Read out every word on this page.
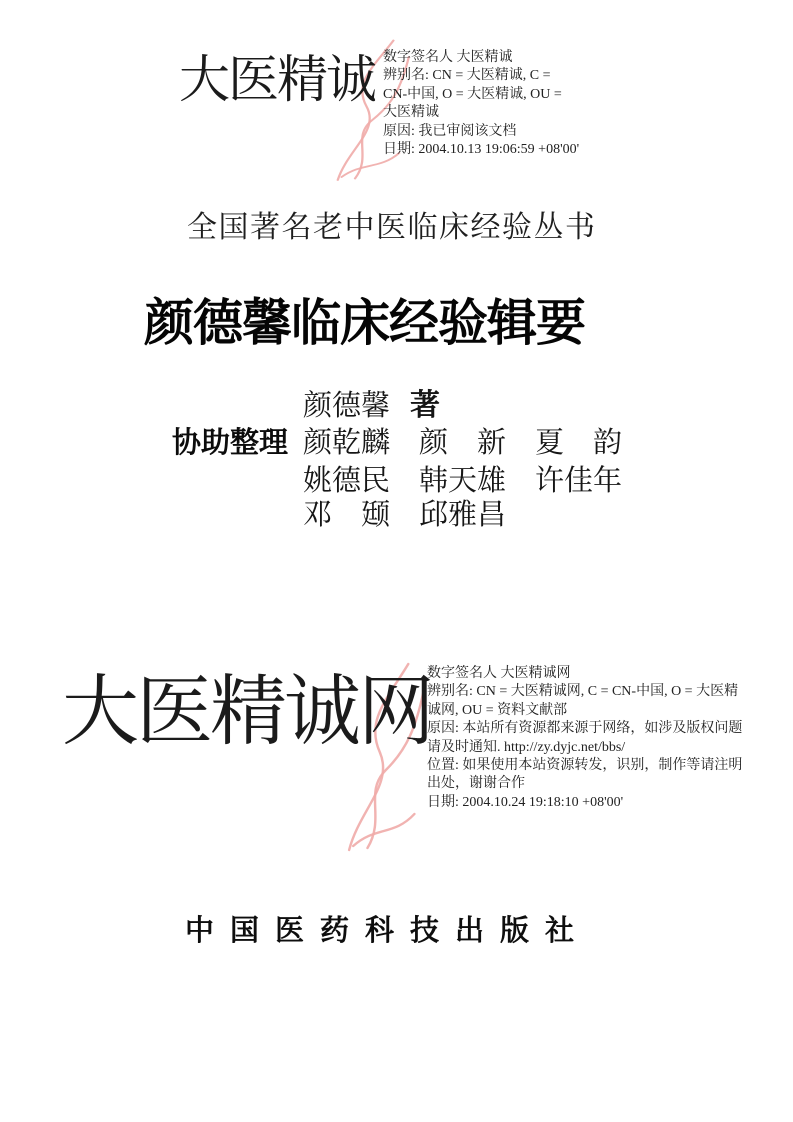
大医精诚 数字签名人 大医精诚
辨别名: CN = 大医精诚, C =
CN-中国, O = 大医精诚, OU =
大医精诚
原因: 我已审阅该文档
日期: 2004.10.13 19:06:59 +08'00'
全国著名老中医临床经验丛书
颜德馨临床经验辑要
颜德馨 著
协助整理 颜乾麟　颜　新　夏　韵
姚德民　韩天雄　许佳年
邓　颋　邱雅昌
大医精诚网
数字签名人 大医精诚网
辨别名: CN = 大医精诚网, C = CN-中国, O = 大医精
诚网, OU = 资料文献部
原因: 本站所有资源都来源于网络，如涉及版权问题
请及时通知. http://zy.dyjc.net/bbs/
位置: 如果使用本站资源转发，识别，制作等请注明
出处，谢谢合作
日期: 2004.10.24 19:18:10 +08'00'
中国医药科技出版社
